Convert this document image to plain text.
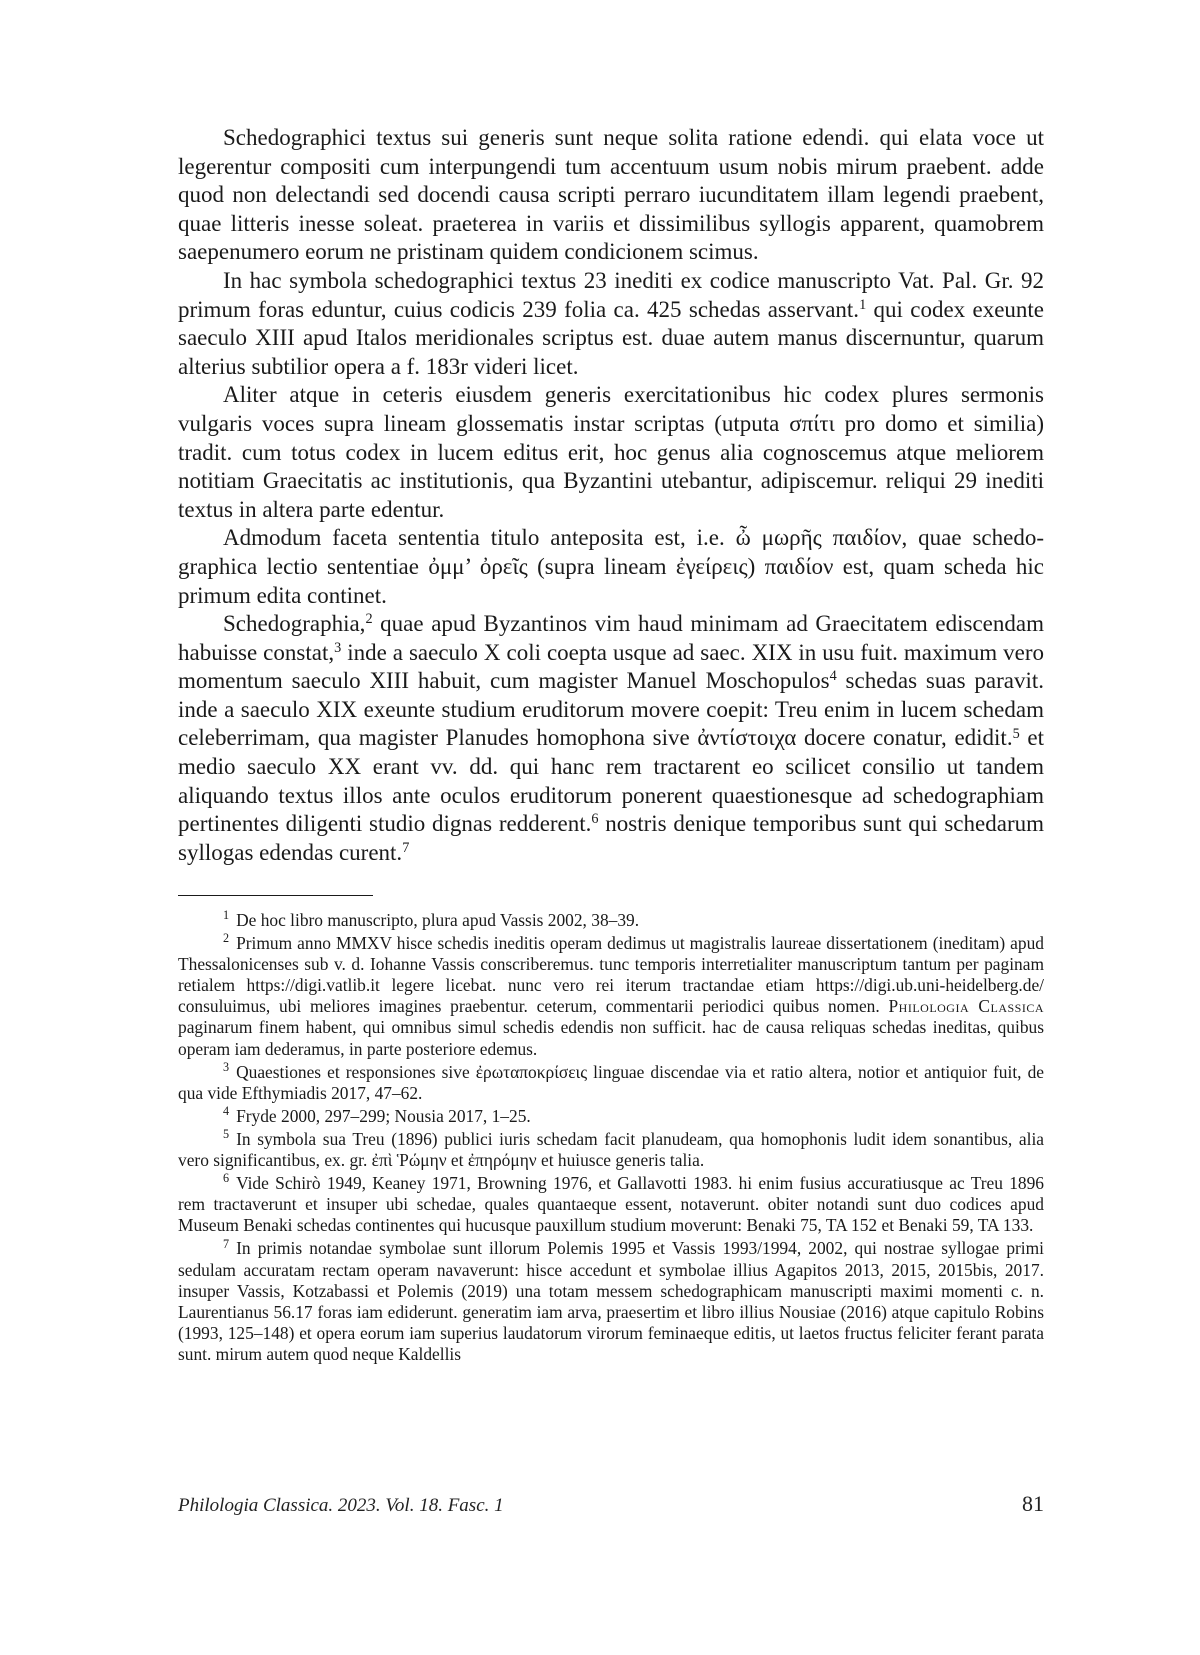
Schedographici textus sui generis sunt neque solita ratione edendi. qui elata voce ut legerentur compositi cum interpungendi tum accentuum usum nobis mirum praebent. adde quod non delectandi sed docendi causa scripti perraro iucunditatem illam legendi praebent, quae litteris inesse soleat. praeterea in variis et dissimilibus syllogis apparent, quamobrem saepenumero eorum ne pristinam quidem condicionem scimus.

In hac symbola schedographici textus 23 inediti ex codice manuscripto Vat. Pal. Gr. 92 primum foras eduntur, cuius codicis 239 folia ca. 425 schedas asservant.$^1$ qui codex exeunte saeculo XIII apud Italos meridionales scriptus est. duae autem manus discernuntur, quarum alterius subtilior opera a f. 183r videri licet.

Aliter atque in ceteris eiusdem generis exercitationibus hic codex plures sermonis vulgaris voces supra lineam glossematis instar scriptas (utputa σπίτι pro domo et similia) tradit. cum totus codex in lucem editus erit, hoc genus alia cognoscemus atque meliorem notitiam Graecitatis ac institutionis, qua Byzantini utebantur, adipiscemur. reliqui 29 inediti textus in altera parte edentur.

Admodum faceta sententia titulo anteposita est, i.e. ὦ μωρῆς παιδίον, quae schedographica lectio sententiae ὀμμ’ ὀρεῖς (supra lineam ἐγείρεις) παιδίον est, quam scheda hic primum edita continet.

Schedographia,$^2$ quae apud Byzantinos vim haud minimam ad Graecitatem ediscendam habuisse constat,$^3$ inde a saeculo X coli coepta usque ad saec. XIX in usu fuit. maximum vero momentum saeculo XIII habuit, cum magister Manuel Moschopulos$^4$ schedas suas paravit. inde a saeculo XIX exeunte studium eruditorum movere coepit: Treu enim in lucem schedam celeberrimam, qua magister Planudes homophona sive ἀντίστοιχα docere conatur, edidit.$^5$ et medio saeculo XX erant vv. dd. qui hanc rem tractarent eo scilicet consilio ut tandem aliquando textus illos ante oculos eruditorum ponerent quaestionesque ad schedographiam pertinentes diligenti studio dignas redderent.$^6$ nostris denique temporibus sunt qui schedarum syllogas edendas curent.$^7$

$^1$ De hoc libro manuscripto, plura apud Vassis 2002, 38–39.

$^2$ Primum anno MMXV hisce schedis ineditis operam dedimus ut magistralis laureae dissertationem (ineditam) apud Thessalonicenses sub v. d. Iohanne Vassis conscriberemus. tunc temporis interretialiter manuscriptum tantum per paginam retialem https://digi.vatlib.it legere licebat. nunc vero rei iterum tractandae etiam https://digi.ub.uni-heidelberg.de/ consuluimus, ubi meliores imagines praebentur. ceterum, commentarii periodici quibus nomen. Philologia Classica paginarum finem habent, qui omnibus simul schedis edendis non sufficit. hac de causa reliquas schedas ineditas, quibus operam iam dederamus, in parte posteriore edemus.

$^3$ Quaestiones et responsiones sive ἐρωταποκρίσεις linguae discendae via et ratio altera, notior et antiquior fuit, de qua vide Efthymiadis 2017, 47–62.

$^4$ Fryde 2000, 297–299; Nousia 2017, 1–25.

$^5$ In symbola sua Treu (1896) publici iuris schedam facit planudeam, qua homophonis ludit idem sonantibus, alia vero significantibus, ex. gr. ἐπὶ Ῥώμην et ἐπηρόμην et huiusce generis talia.

$^6$ Vide Schirò 1949, Keaney 1971, Browning 1976, et Gallavotti 1983. hi enim fusius accuratiusque ac Treu 1896 rem tractaverunt et insuper ubi schedae, quales quantaeque essent, notaverunt. obiter notandi sunt duo codices apud Museum Benaki schedas continentes qui hucusque pauxillum studium moverunt: Benaki 75, TA 152 et Benaki 59, TA 133.

$^7$ In primis notandae symbolae sunt illorum Polemis 1995 et Vassis 1993/1994, 2002, qui nostrae syllogae primi sedulam accuratam rectam operam navaverunt: hisce accedunt et symbolae illius Agapitos 2013, 2015, 2015bis, 2017. insuper Vassis, Kotzabassi et Polemis (2019) una totam messem schedographicam manuscripti maximi momenti c. n. Laurentianus 56.17 foras iam ediderunt. generatim iam arva, praesertim et libro illius Nousiae (2016) atque capitulo Robins (1993, 125–148) et opera eorum iam superius laudatorum virorum feminaeque editis, ut laetos fructus feliciter ferant parata sunt. mirum autem quod neque Kaldellis

Philologia Classica. 2023. Vol. 18. Fasc. 1	81
